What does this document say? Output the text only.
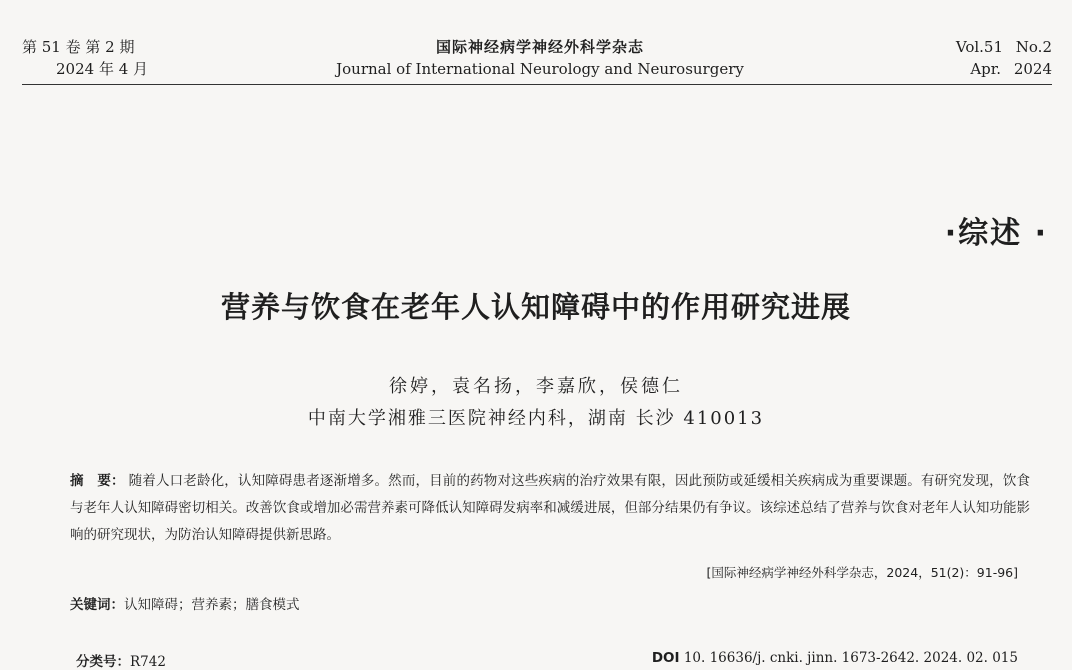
第 51 卷 第 2 期
2024 年 4 月
国际神经病学神经外科学杂志
Journal of International Neurology and Neurosurgery
Vol.51 No.2
Apr. 2024
·综述 ·
营养与饮食在老年人认知障碍中的作用研究进展
徐婷，袁名扬，李嘉欣，侯德仁
中南大学湘雅三医院神经内科，湖南 长沙 410013
摘　要： 随着人口老龄化，认知障碍患者逐渐增多。然而，目前的药物对这些疾病的治疗效果有限，因此预防或延缓相关疾病成为重要课题。有研究发现，饮食与老年人认知障碍密切相关。改善饮食或增加必需营养素可降低认知障碍发病率和减缓进展，但部分结果仍有争议。该综述总结了营养与饮食对老年人认知功能影响的研究现状，为防治认知障碍提供新思路。
[国际神经病学神经外科学杂志，2024，51(2)：91-96]
关键词：认知障碍；营养素；膳食模式
分类号：R742	DOI 10. 16636/j. cnki. jinn. 1673-2642. 2024. 02. 015
